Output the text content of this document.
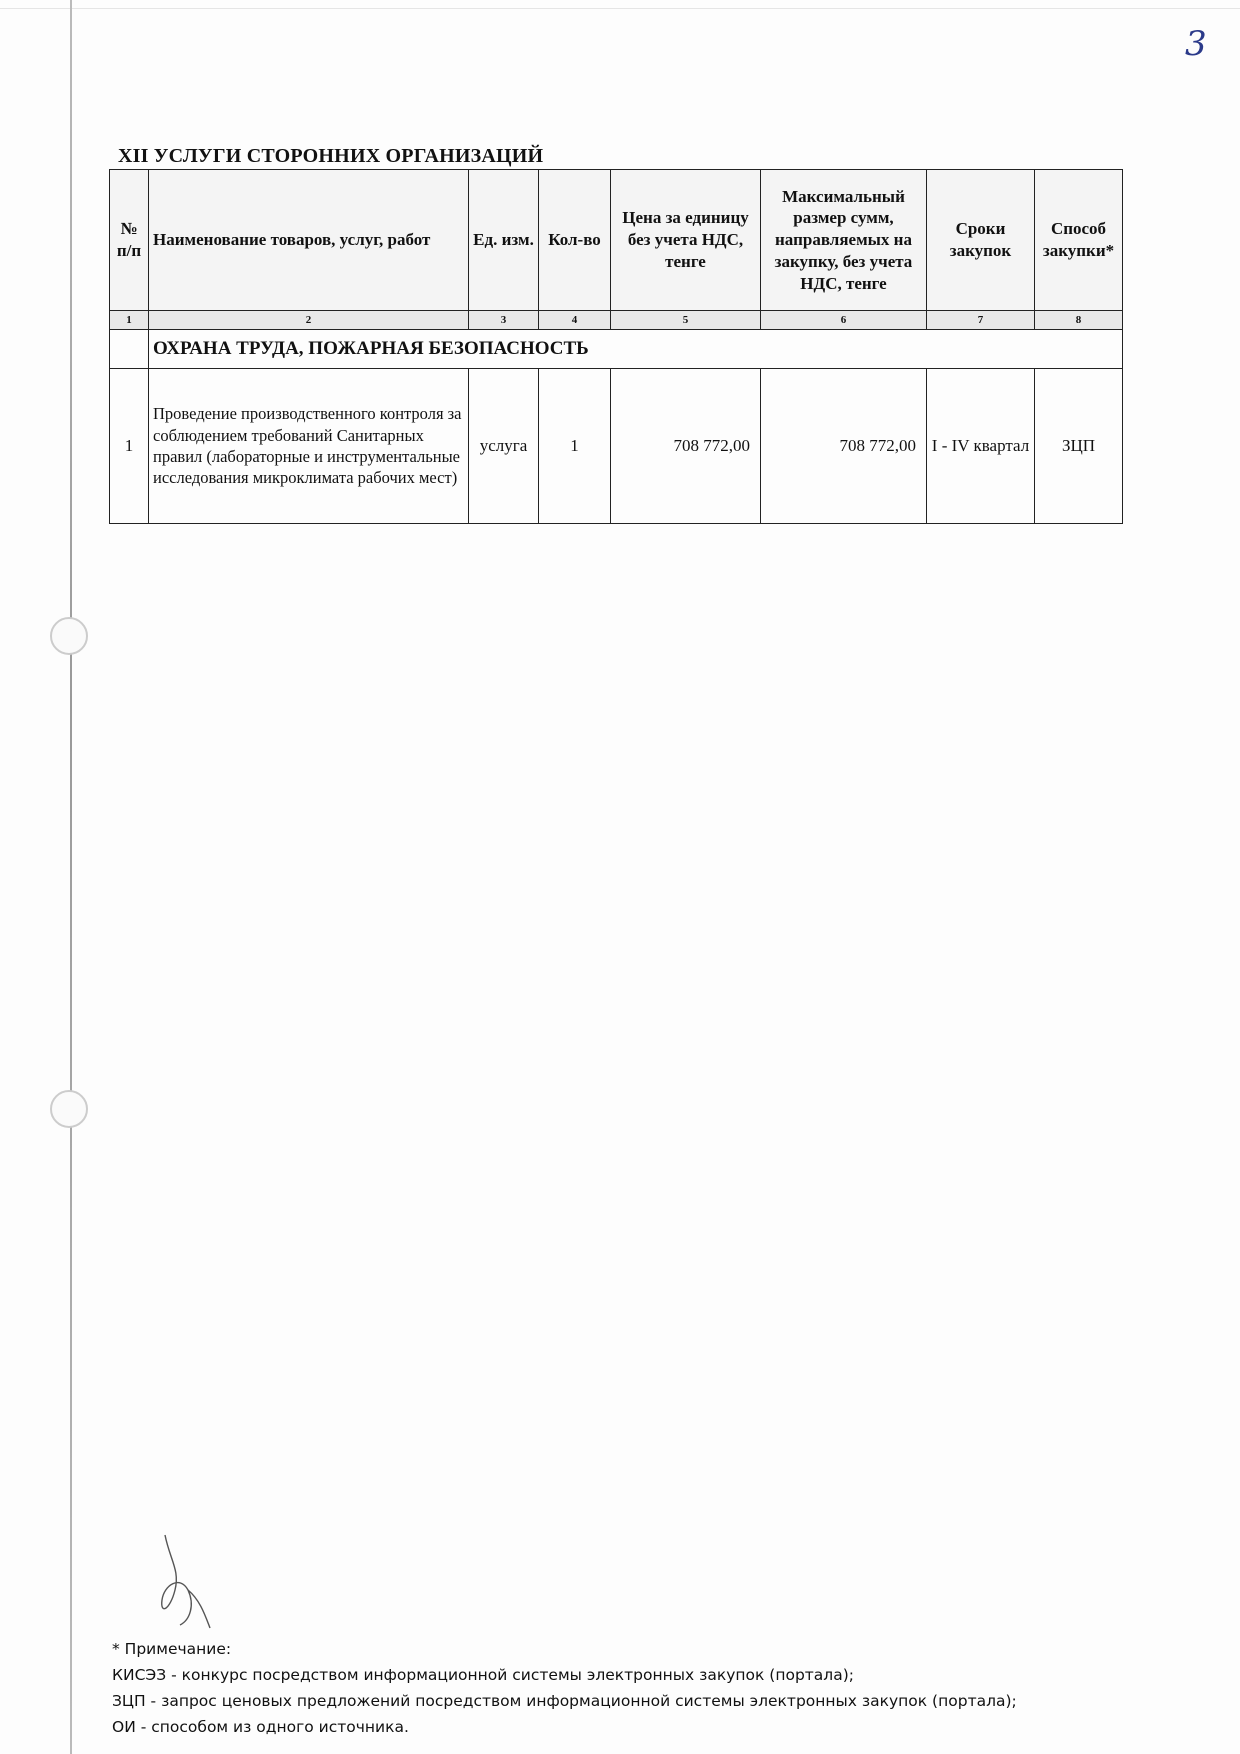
3
XII УСЛУГИ СТОРОННИХ ОРГАНИЗАЦИЙ
№ п/п	Наименование товаров, услуг, работ	Ед. изм.	Кол-во	Цена за единицу без учета НДС, тенге	Максимальный размер сумм, направляемых на закупку, без учета НДС, тенге	Сроки закупок	Способ закупки*
1	2	3	4	5	6	7	8
	ОХРАНА ТРУДА, ПОЖАРНАЯ БЕЗОПАСНОСТЬ						
1	Проведение производственного контроля за соблюдением требований Санитарных правил (лабораторные и инструментальные исследования микроклимата рабочих мест)	услуга	1	708 772,00	708 772,00	I - IV квартал	ЗЦП
* Примечание:
КИСЭЗ - конкурс посредством информационной системы электронных закупок (портала);
ЗЦП - запрос ценовых предложений посредством информационной системы электронных закупок (портала);
ОИ - способом из одного источника.
